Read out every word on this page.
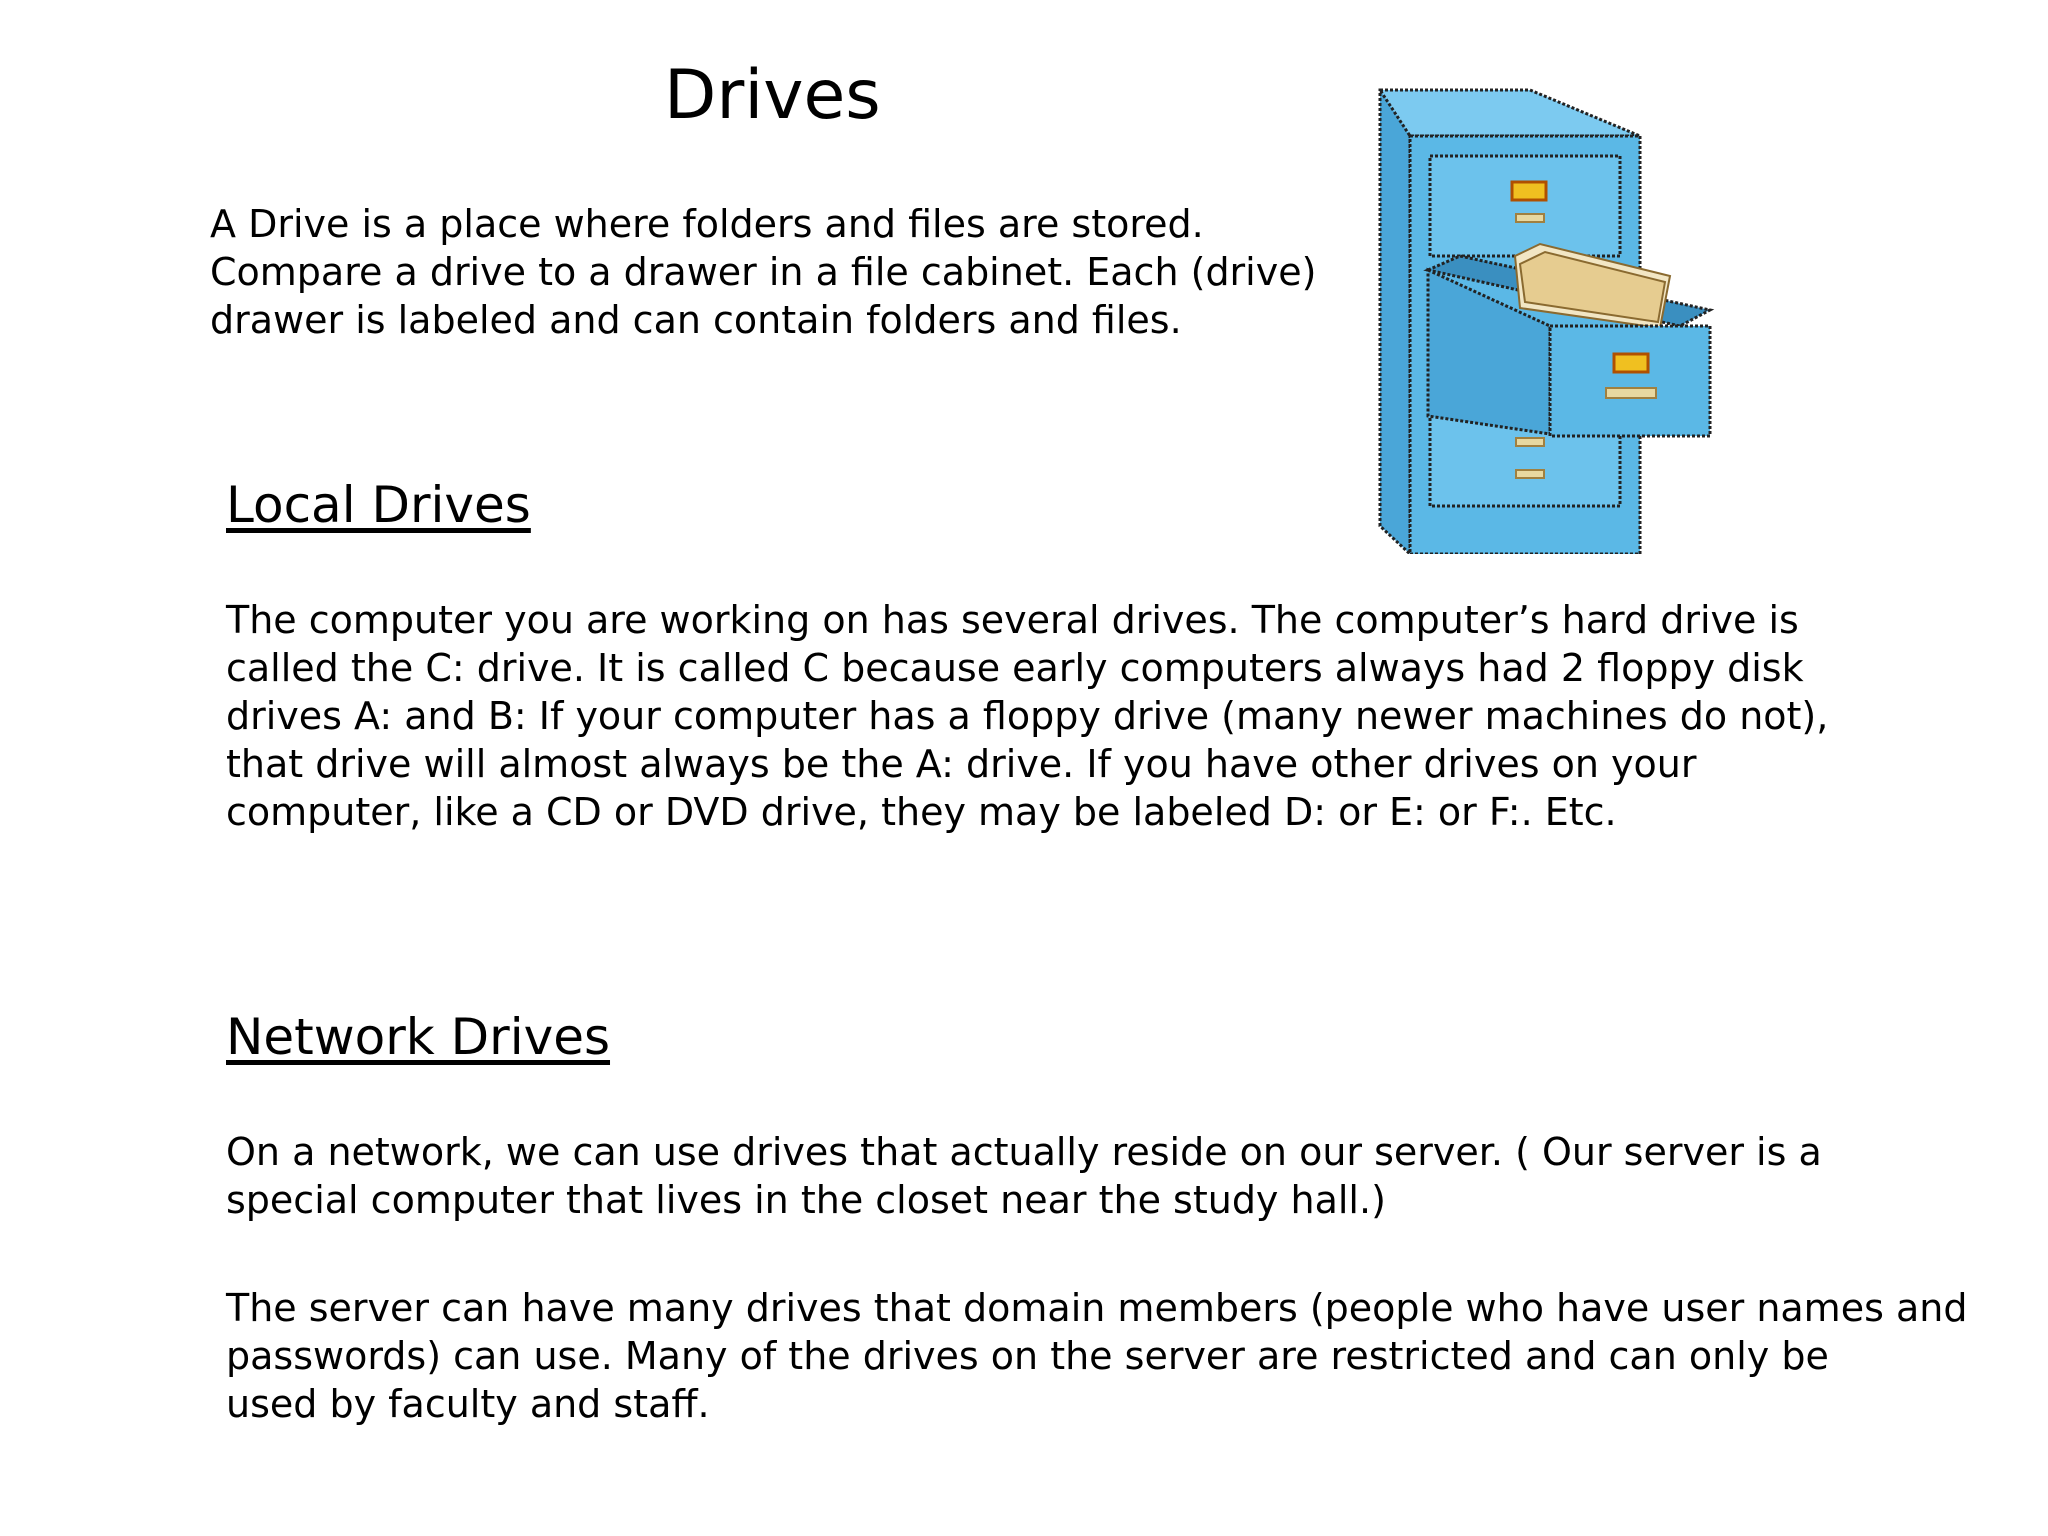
Drives

A Drive is a place where folders and files are stored.
Compare a drive to a drawer in a file cabinet. Each (drive)
drawer is labeled and can contain folders and files.

Local Drives

The computer you are working on has several drives. The computer’s hard drive is
called the C: drive. It is called C because early computers always had 2 floppy disk
drives A: and B: If your computer has a floppy drive (many newer machines do not),
that drive will almost always be the A: drive. If you have other drives on your
computer, like a CD or DVD drive, they may be labeled D: or E: or F:. Etc.

Network Drives

On a network, we can use drives that actually reside on our server. ( Our server is a
special computer that lives in the closet near the study hall.)

The server can have many drives that domain members (people who have user names and
passwords) can use. Many of the drives on the server are restricted and can only be
used by faculty and staff.
